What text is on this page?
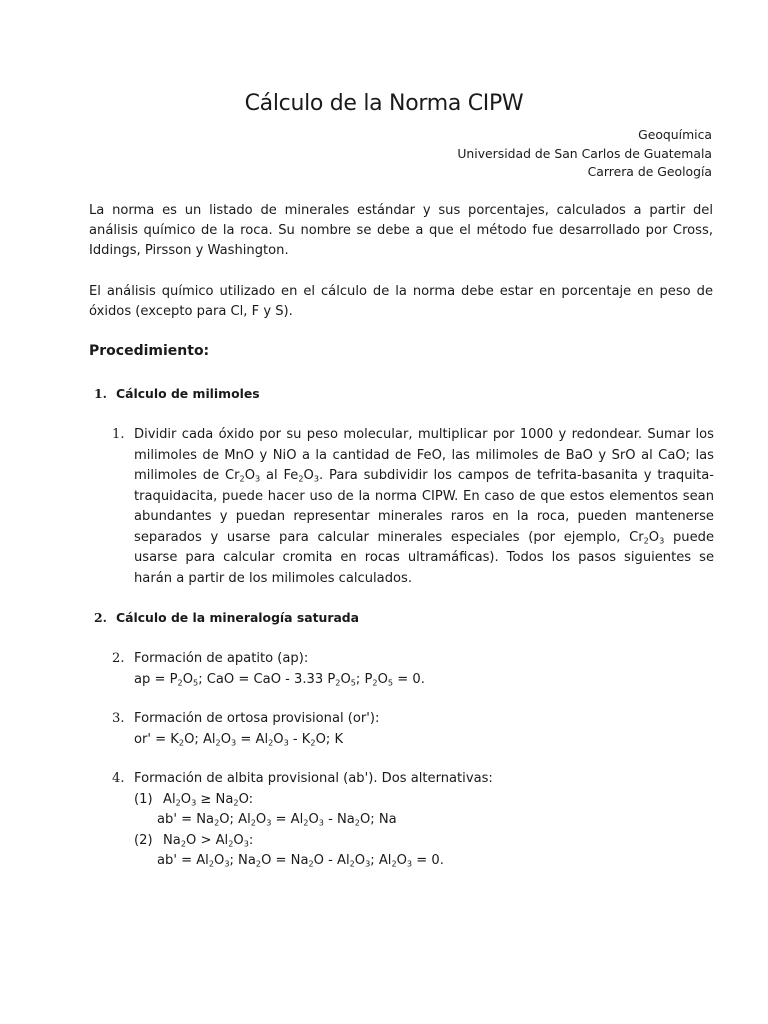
Cálculo de la Norma CIPW
Geoquímica
Universidad de San Carlos de Guatemala
Carrera de Geología

La norma es un listado de minerales estándar y sus porcentajes, calculados a partir del análisis químico de la roca. Su nombre se debe a que el método fue desarrollado por Cross, Iddings, Pirsson y Washington.

El análisis químico utilizado en el cálculo de la norma debe estar en porcentaje en peso de óxidos (excepto para Cl, F y S).

Procedimiento:
1. Cálculo de milimoles
1. Dividir cada óxido por su peso molecular, multiplicar por 1000 y redondear. Sumar los milimoles de MnO y NiO a la cantidad de FeO, las milimoles de BaO y SrO al CaO; las milimoles de $Cr_2O_3$ al $Fe_2O_3$. Para subdividir los campos de tefrita-basanita y traquita-traquidacita, puede hacer uso de la norma CIPW. En caso de que estos elementos sean abundantes y puedan representar minerales raros en la roca, pueden mantenerse separados y usarse para calcular minerales especiales (por ejemplo, $Cr_2O_3$ puede usarse para calcular cromita en rocas ultramáficas). Todos los pasos siguientes se harán a partir de los milimoles calculados.
2. Cálculo de la mineralogía saturada
2. Formación de apatito (ap):
ap = $P_2O_5$; CaO = CaO - 3.33 $P_2O_5$; $P_2O_5 = 0$.
3. Formación de ortosa provisional (or'):
$or' = K_2O$; $Al_2O_3 = Al_2O_3 - K_2O$; K
4. Formación de albita provisional (ab'). Dos alternativas:
(1) $Al_2O_3 \ge Na_2O$:
$ab' = Na_2O$; $Al_2O_3 = Al_2O_3 - Na_2O$; Na
(2) $Na_2O > Al_2O_3$:
$ab' = Al_2O_3$; $Na_2O = Na_2O - Al_2O_3$; $Al_2O_3 = 0$.
